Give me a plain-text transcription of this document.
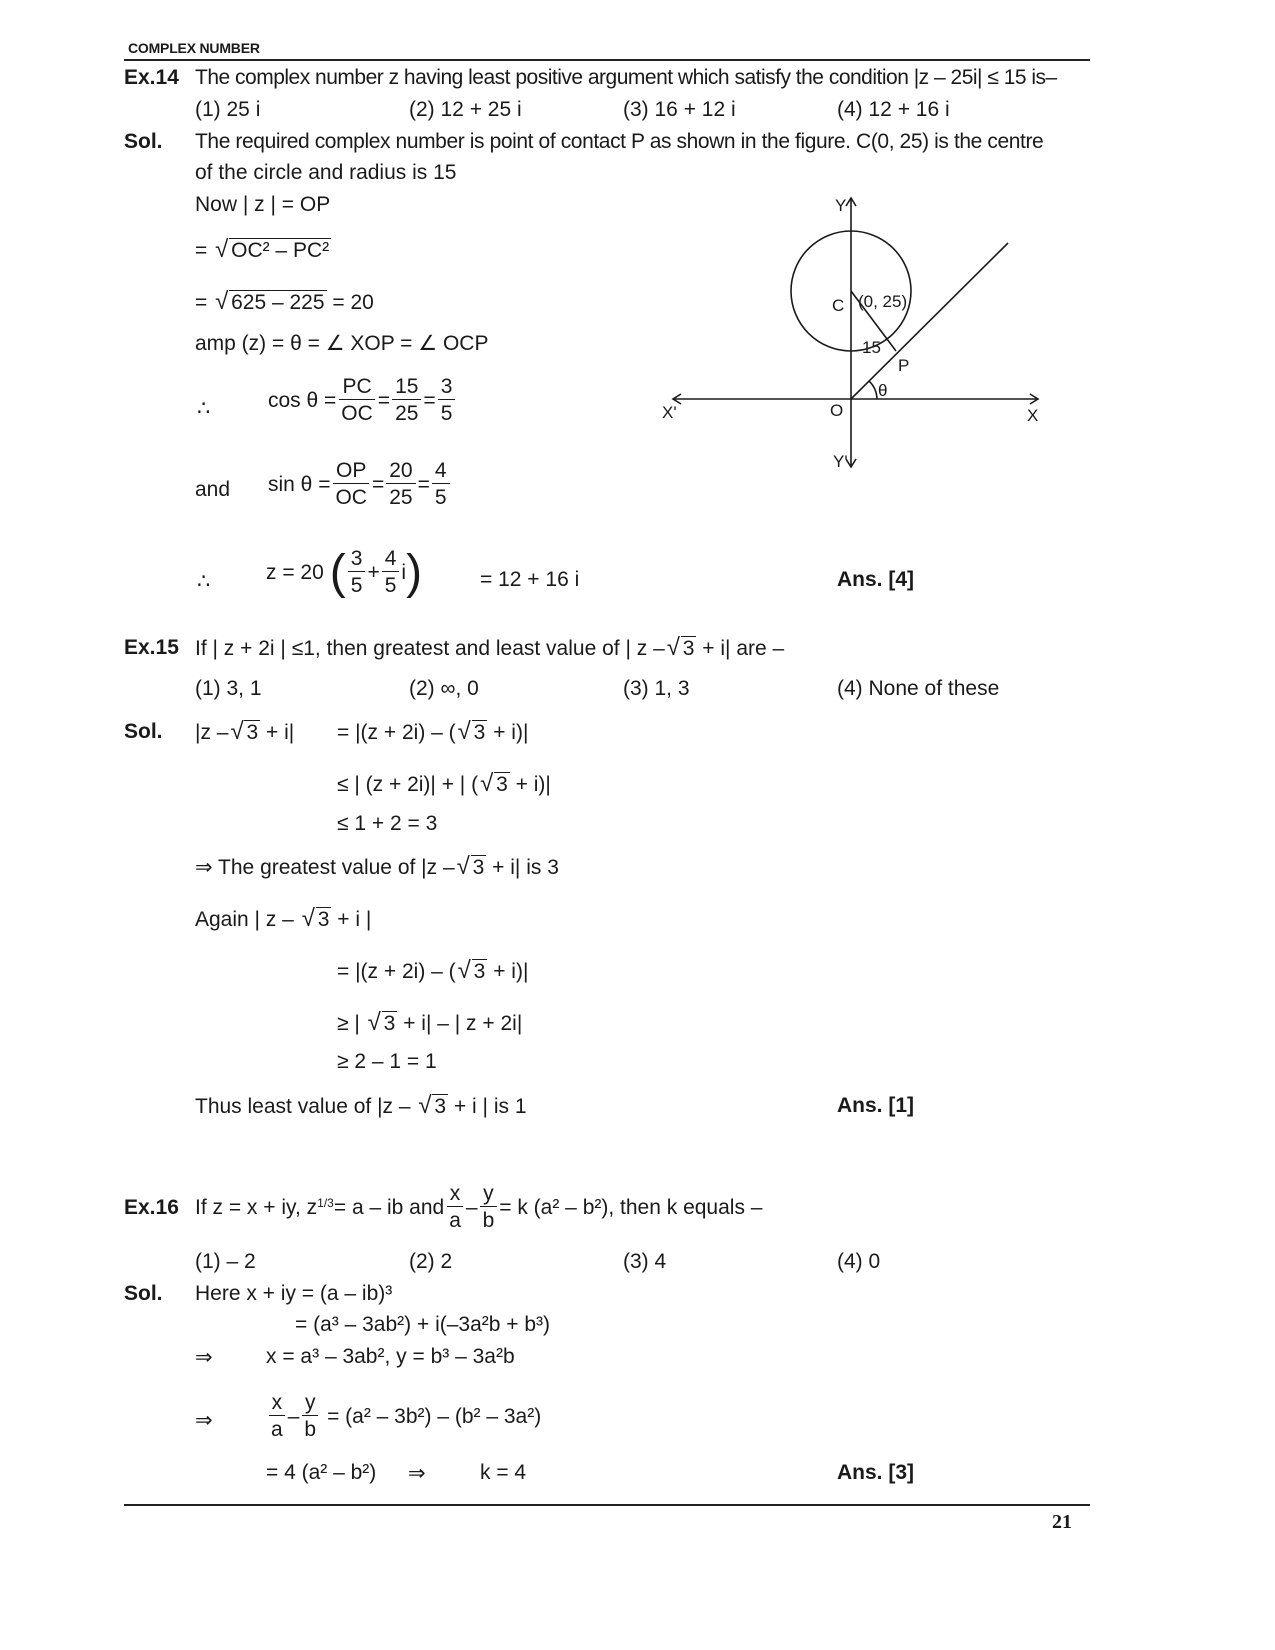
COMPLEX NUMBER
Ex.14 The complex number z having least positive argument which satisfy the condition |z – 25i| ≤ 15 is–
(1) 25 i	(2) 12 + 25 i	(3) 16 + 12 i	(4) 12 + 16 i
Sol. The required complex number is point of contact P as shown in the figure. C(0, 25) is the centre
of the circle and radius is 15
Now | z | = OP
= √ OC² – PC²
= √ 625 – 225 = 20
amp (z) = θ = ∠ XOP = ∠ OCP
∴	$\cos \theta = \frac{PC}{OC} = \frac{15}{25} = \frac{3}{5}$
and $\sin \theta = \frac{OP}{OC} = \frac{20}{25} = \frac{4}{5}$
∴	z = 20 ( $\frac{3}{5} + \frac{4}{5}$ i )	= 12 + 16 i	Ans. [4]
Y
Y'
X
X'	O
C (0, 25)
15
P
θ
Ex.15 If | z + 2i | ≤1, then greatest and least value of | z – √ 3 + i| are –
(1) 3, 1	(2) ∞, 0	(3) 1, 3	(4) None of these
Sol. |z – √ 3 + i| = |(z + 2i) – ( √ 3 + i)|
≤ | (z + 2i)| + | ( √ 3 + i)|
≤ 1 + 2 = 3
⇒ The greatest value of |z – √ 3 + i| is 3
Again | z – √ 3 + i |
= |(z + 2i) – ( √ 3 + i)|
≥ | √ 3 + i| – | z + 2i|
≥ 2 – 1 = 1
Thus least value of |z – √ 3 + i | is 1	Ans. [1]
Ex.16 If z = x + iy, $z^{1/3} = a$ – ib and $\frac{x}{a} - \frac{y}{b} = k$ (a² – b²), then k equals –
(1) – 2	(2) 2	(3) 4	(4) 0
Sol. Here x + iy = (a – ib)³
= (a³ – 3ab²) + i(–3a²b + b³)
⇒	x = a³ – 3ab², y = b³ – 3a²b
⇒	$\frac{x}{a} - \frac{y}{b} = (a^2 - 3b^2) - (b^2 - 3a^2)$
= 4 (a² – b²) ⇒	k = 4	Ans. [3]
21
